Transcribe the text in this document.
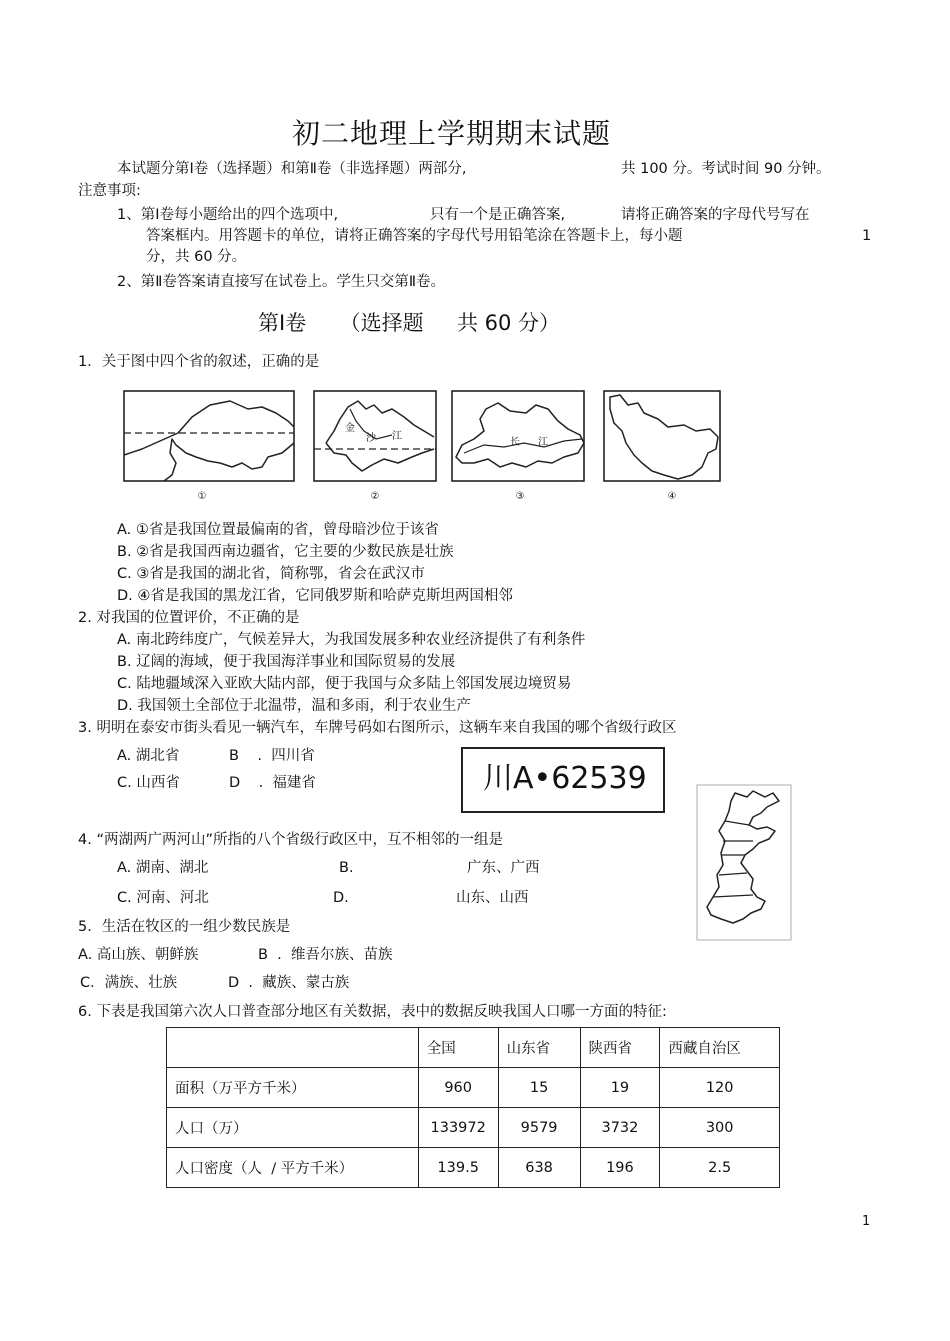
初二地理上学期期末试题
本试题分第Ⅰ卷（选择题）和第Ⅱ卷（非选择题）两部分,	共 100 分。考试时间 90 分钟。
注意事项:
1、第Ⅰ卷每小题给出的四个选项中,	只有一个是正确答案,	请将正确答案的字母代号写在
答案框内。用答题卡的单位，请将正确答案的字母代号用铅笔涂在答题卡上，每小题	1
分，共 60 分。
2、第Ⅱ卷答案请直接写在试卷上。学生只交第Ⅱ卷。
第Ⅰ卷     （选择题     共 60 分）
1．关于图中四个省的叙述，正确的是
①
金
沙 江
②
长 江
③	④
A. ①省是我国位置最偏南的省，曾母暗沙位于该省
B. ②省是我国西南边疆省，它主要的少数民族是壮族
C. ③省是我国的湖北省，简称鄂，省会在武汉市
D. ④省是我国的黑龙江省，它同俄罗斯和哈萨克斯坦两国相邻
2. 对我国的位置评价，不正确的是
A. 南北跨纬度广，气候差异大，为我国发展多种农业经济提供了有利条件
B. 辽阔的海域，便于我国海洋事业和国际贸易的发展
C. 陆地疆域深入亚欧大陆内部，便于我国与众多陆上邻国发展边境贸易
D. 我国领土全部位于北温带，温和多雨，利于农业生产
3. 明明在泰安市街头看见一辆汽车，车牌号码如右图所示，这辆车来自我国的哪个省级行政区
A. 湖北省	B    .  四川省
C. 山西省	D    .  福建省	川A•62539
4. “两湖两广两河山”所指的八个省级行政区中，互不相邻的一组是
A. 湖南、湖北	B.	广东、广西
C. 河南、河北	D.	山东、山西
5．生活在牧区的一组少数民族是
A. 高山族、朝鲜族	B  .  维吾尔族、苗族
C．满族、壮族	D  .  藏族、蒙古族
6. 下表是我国第六次人口普查部分地区有关数据，表中的数据反映我国人口哪一方面的特征:
	全国	山东省	陕西省	西藏自治区
面积（万平方千米）	960	15	19	120
人口（万）	133972	9579	3732	300
人口密度（人  / 平方千米）	139.5	638	196	2.5
1
